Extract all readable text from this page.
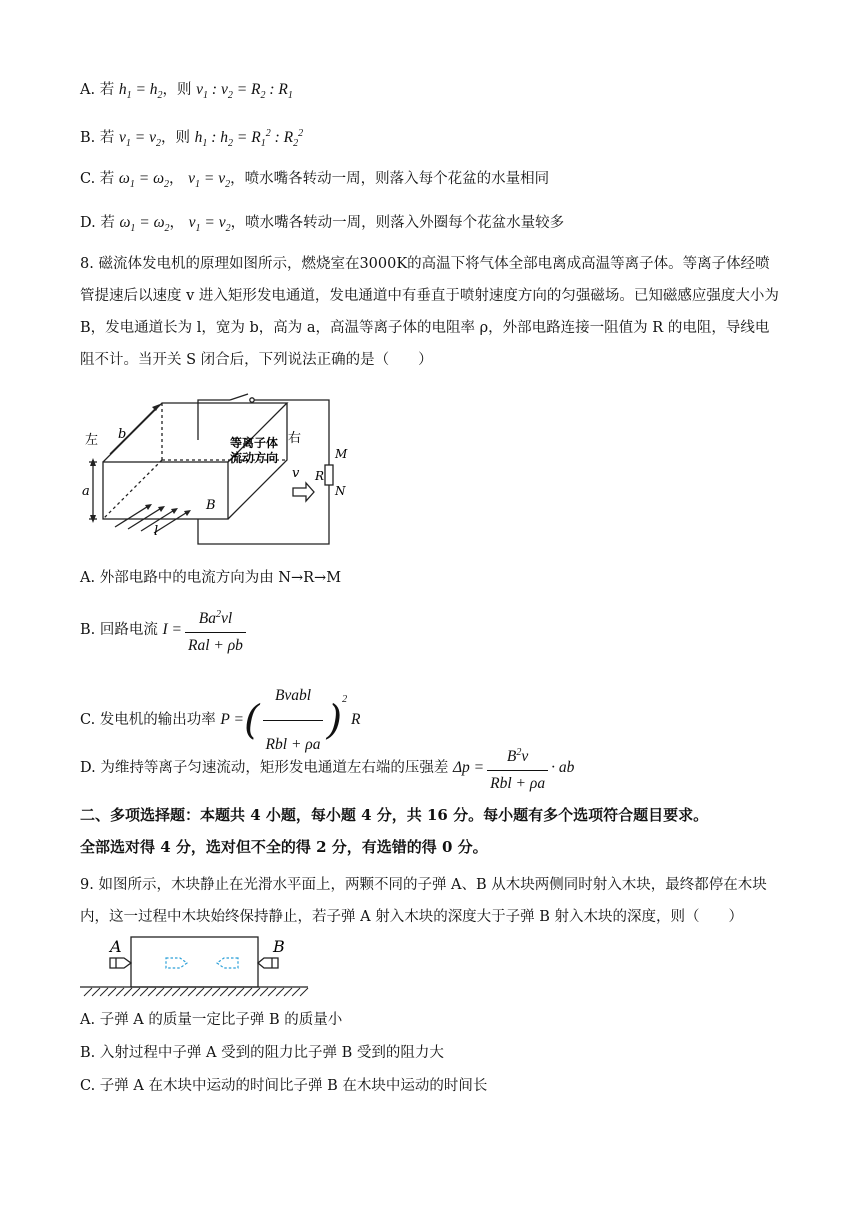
A. 若 $h_1 = h_2$，则 $v_1$ : $v_2 = R_2$ : $R_1$
B. 若 $v_1 = v_2$，则 $h_1$ : $h_2 = R_1^2$ : $R_2^2$
C. 若 $\omega_1 = \omega_2$， $v_1 = v_2$，喷水嘴各转动一周，则落入每个花盆的水量相同
D. 若 $\omega_1 = \omega_2$， $v_1 = v_2$，喷水嘴各转动一周，则落入外圈每个花盆水量较多
8. 磁流体发电机的原理如图所示，燃烧室在3000K的高温下将气体全部电离成高温等离子体。等离子体经喷管提速后以速度 v 进入矩形发电通道，发电通道中有垂直于喷射速度方向的匀强磁场。已知磁感应强度大小为 B，发电通道长为 l，宽为 b，高为 a，高温等离子体的电阻率 ρ，外部电路连接一阻值为 R 的电阻，导线电阻不计。当开关 S 闭合后，下列说法正确的是（　　）
左	右
b
a
l
B
v R
M
N
等离子体
流动方向
A. 外部电路中的电流方向为由 N→R→M
B. 回路电流 $I = \frac{Ba^2vl}{\text{Ral + ρb}}$
C. 发电机的输出功率 P =( $\frac{\text{Bvabl}}{\text{Rbl + ρa}} )^2$ R
D. 为维持等离子匀速流动，矩形发电通道左右端的压强差 $\Delta p = \frac{B^2v}{\text{Rbl + ρa}}$ · ab
二、多项选择题：本题共 4 小题，每小题 4 分，共 16 分。每小题有多个选项符合题目要求。
全部选对得 4 分，选对但不全的得 2 分，有选错的得 0 分。
9. 如图所示，木块静止在光滑水平面上，两颗不同的子弹 A、B 从木块两侧同时射入木块，最终都停在木块内，这一过程中木块始终保持静止，若子弹 A 射入木块的深度大于子弹 B 射入木块的深度，则（　　）
A	B
A. 子弹 A 的质量一定比子弹 B 的质量小
B. 入射过程中子弹 A 受到的阻力比子弹 B 受到的阻力大
C. 子弹 A 在木块中运动的时间比子弹 B 在木块中运动的时间长
